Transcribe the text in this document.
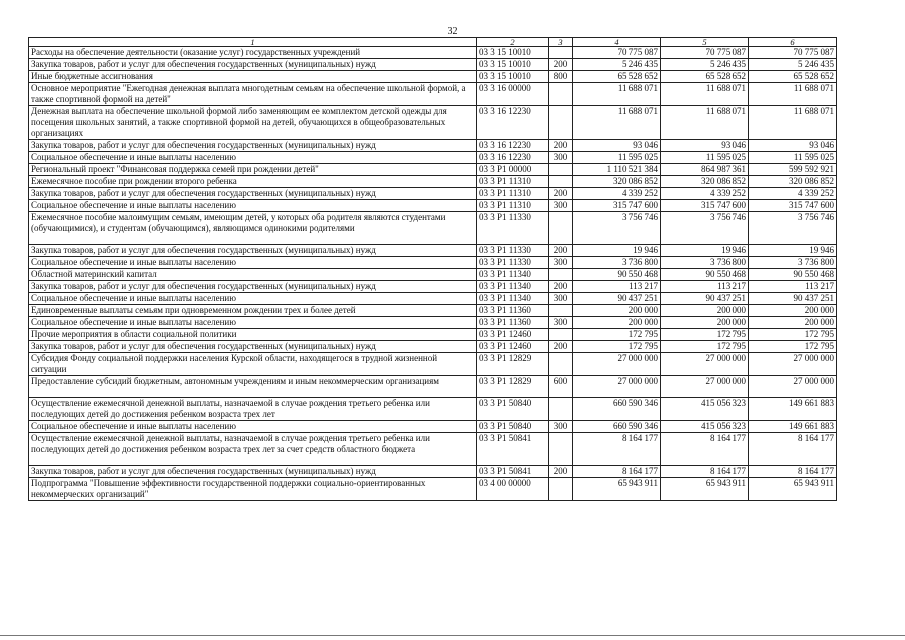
32
1	2	3	4	5	6
Расходы на обеспечение деятельности (оказание услуг) государственных учреждений	03 3 15 10010		70 775 087	70 775 087	70 775 087
Закупка товаров, работ и услуг для обеспечения государственных (муниципальных) нужд	03 3 15 10010	200	5 246 435	5 246 435	5 246 435
Иные бюджетные ассигнования	03 3 15 10010	800	65 528 652	65 528 652	65 528 652
Основное мероприятие "Ежегодная денежная выплата многодетным семьям на обеспечение школьной формой, а также спортивной формой на детей"	03 3 16 00000		11 688 071	11 688 071	11 688 071
Денежная выплата на обеспечение школьной формой либо заменяющим ее комплектом детской одежды для посещения школьных занятий, а также спортивной формой на детей, обучающихся в общеобразовательных организациях	03 3 16 12230		11 688 071	11 688 071	11 688 071
Закупка товаров, работ и услуг для обеспечения государственных (муниципальных) нужд	03 3 16 12230	200	93 046	93 046	93 046
Социальное обеспечение и иные выплаты населению	03 3 16 12230	300	11 595 025	11 595 025	11 595 025
Региональный проект "Финансовая поддержка семей при рождении детей"	03 3 P1 00000		1 110 521 384	864 987 361	599 592 921
Ежемесячное пособие при рождении второго ребенка	03 3 P1 11310		320 086 852	320 086 852	320 086 852
Закупка товаров, работ и услуг для обеспечения государственных (муниципальных) нужд	03 3 P1 11310	200	4 339 252	4 339 252	4 339 252
Социальное обеспечение и иные выплаты населению	03 3 P1 11310	300	315 747 600	315 747 600	315 747 600
Ежемесячное пособие малоимущим семьям, имеющим детей, у которых оба родителя являются студентами (обучающимися), и студентам (обучающимся), являющимся одинокими родителями	03 3 P1 11330		3 756 746	3 756 746	3 756 746
Закупка товаров, работ и услуг для обеспечения государственных (муниципальных) нужд	03 3 P1 11330	200	19 946	19 946	19 946
Социальное обеспечение и иные выплаты населению	03 3 P1 11330	300	3 736 800	3 736 800	3 736 800
Областной материнский капитал	03 3 P1 11340		90 550 468	90 550 468	90 550 468
Закупка товаров, работ и услуг для обеспечения государственных (муниципальных) нужд	03 3 P1 11340	200	113 217	113 217	113 217
Социальное обеспечение и иные выплаты населению	03 3 P1 11340	300	90 437 251	90 437 251	90 437 251
Единовременные выплаты семьям при одновременном рождении трех и более детей	03 3 P1 11360		200 000	200 000	200 000
Социальное обеспечение и иные выплаты населению	03 3 P1 11360	300	200 000	200 000	200 000
Прочие мероприятия в области социальной политики	03 3 P1 12460		172 795	172 795	172 795
Закупка товаров, работ и услуг для обеспечения государственных (муниципальных) нужд	03 3 P1 12460	200	172 795	172 795	172 795
Субсидия Фонду социальной поддержки населения Курской области, находящегося в трудной жизненной ситуации	03 3 P1 12829		27 000 000	27 000 000	27 000 000
Предоставление субсидий бюджетным, автономным учреждениям и иным некоммерческим организациям	03 3 P1 12829	600	27 000 000	27 000 000	27 000 000
Осуществление ежемесячной денежной выплаты, назначаемой в случае рождения третьего ребенка или последующих детей до достижения ребенком возраста трех лет	03 3 P1 50840		660 590 346	415 056 323	149 661 883
Социальное обеспечение и иные выплаты населению	03 3 P1 50840	300	660 590 346	415 056 323	149 661 883
Осуществление ежемесячной денежной выплаты, назначаемой в случае рождения третьего ребенка или последующих детей до достижения ребенком возраста трех лет за счет средств областного бюджета	03 3 P1 50841		8 164 177	8 164 177	8 164 177
Закупка товаров, работ и услуг для обеспечения государственных (муниципальных) нужд	03 3 P1 50841	200	8 164 177	8 164 177	8 164 177
Подпрограмма "Повышение эффективности государственной поддержки социально-ориентированных некоммерческих организаций"	03 4 00 00000		65 943 911	65 943 911	65 943 911
